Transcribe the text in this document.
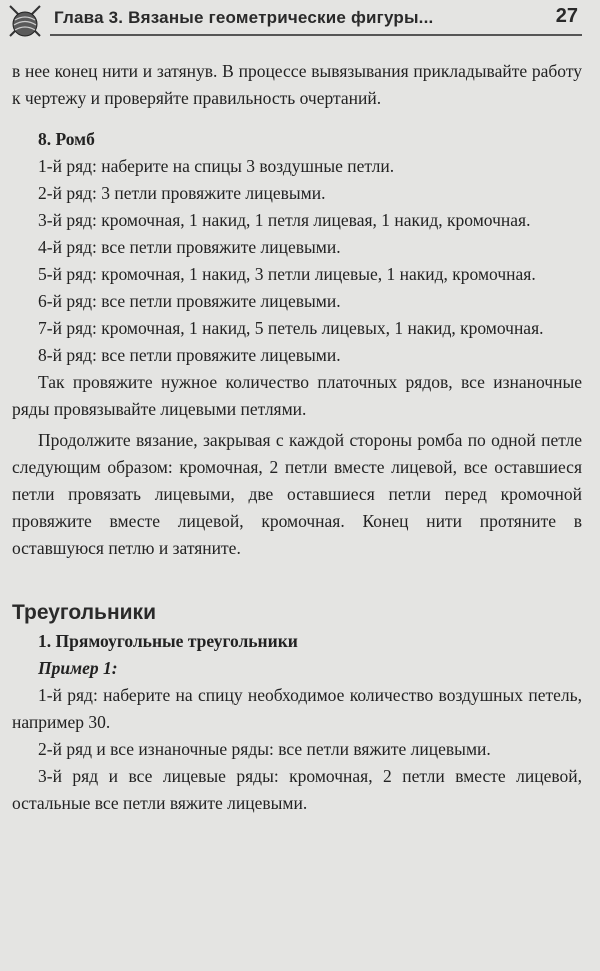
Глава 3. Вязаные геометрические фигуры...	27

в нее конец нити и затянув. В процессе вывязывания прикладывайте работу к чертежу и проверяйте правильность очертаний.

8. Ромб

1-й ряд: наберите на спицы 3 воздушные петли.

2-й ряд: 3 петли провяжите лицевыми.

3-й ряд: кромочная, 1 накид, 1 петля лицевая, 1 накид, кромочная.

4-й ряд: все петли провяжите лицевыми.

5-й ряд: кромочная, 1 накид, 3 петли лицевые, 1 накид, кромочная.

6-й ряд: все петли провяжите лицевыми.

7-й ряд: кромочная, 1 накид, 5 петель лицевых, 1 накид, кромочная.

8-й ряд: все петли провяжите лицевыми.

Так провяжите нужное количество платочных рядов, все изнаночные ряды провязывайте лицевыми петлями.

Продолжите вязание, закрывая с каждой стороны ромба по одной петле следующим образом: кромочная, 2 петли вместе лицевой, все оставшиеся петли провязать лицевыми, две оставшиеся петли перед кромочной провяжите вместе лицевой, кромочная. Конец нити протяните в оставшуюся петлю и затяните.

Треугольники

1. Прямоугольные треугольники

Пример 1:

1-й ряд: наберите на спицу необходимое количество воздушных петель, например 30.

2-й ряд и все изнаночные ряды: все петли вяжите лицевыми.

3-й ряд и все лицевые ряды: кромочная, 2 петли вместе лицевой, остальные все петли вяжите лицевыми.
